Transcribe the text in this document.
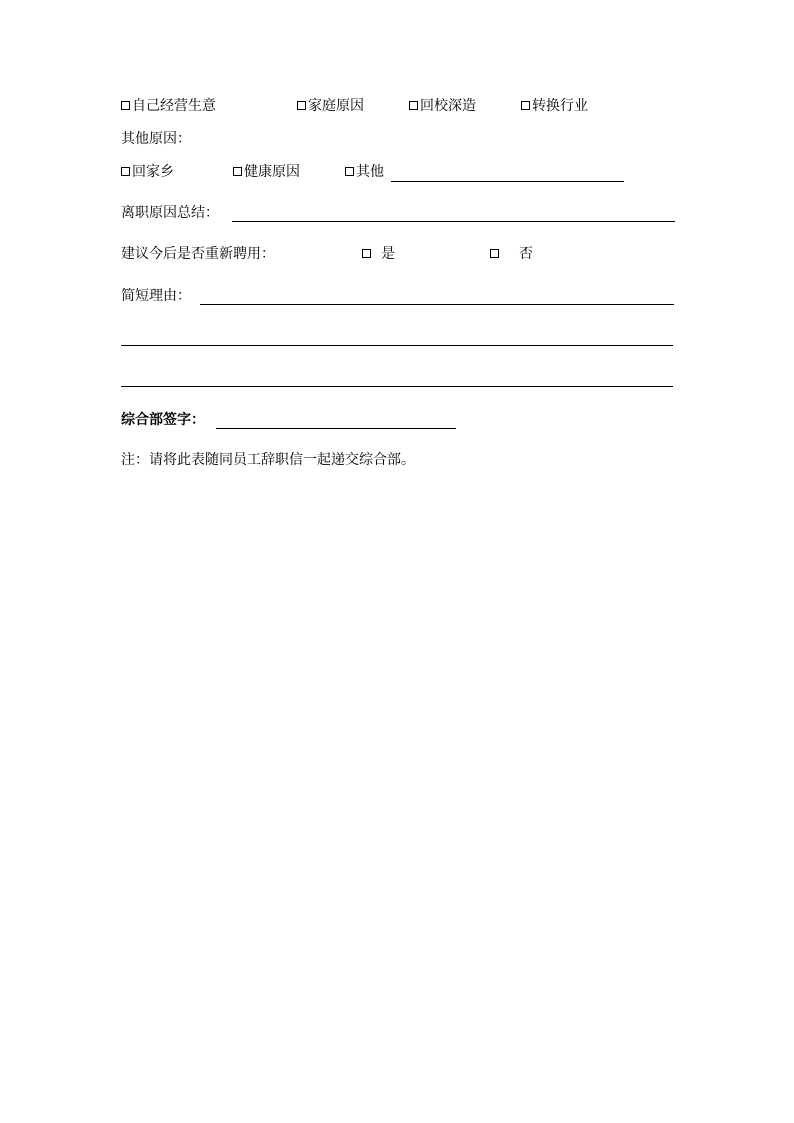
自己经营生意	家庭原因	回校深造	转换行业
其他原因：
回家乡	健康原因	其他
离职原因总结：
建议今后是否重新聘用：	是	否
简短理由：
综合部签字：
注：请将此表随同员工辞职信一起递交综合部。
